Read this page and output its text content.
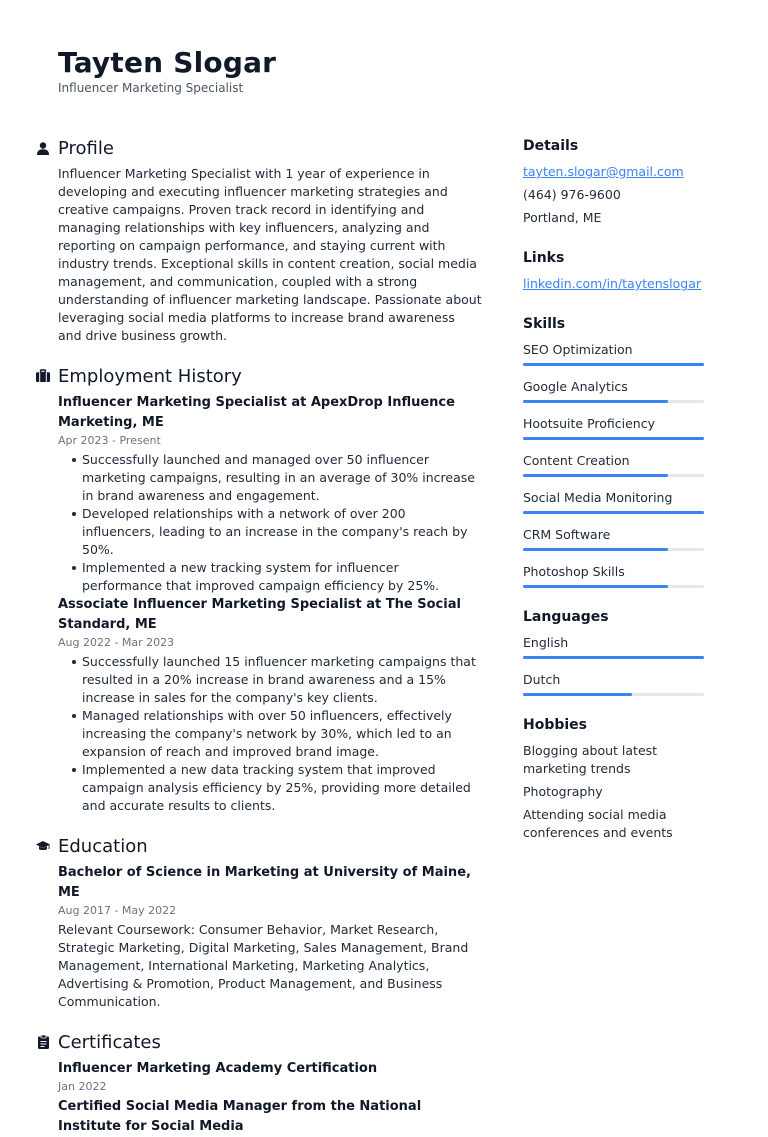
Tayten Slogar
Influencer Marketing Specialist
Profile

Influencer Marketing Specialist with 1 year of experience in developing and executing influencer marketing strategies and creative campaigns. Proven track record in identifying and managing relationships with key influencers, analyzing and reporting on campaign performance, and staying current with industry trends. Exceptional skills in content creation, social media management, and communication, coupled with a strong understanding of influencer marketing landscape. Passionate about leveraging social media platforms to increase brand awareness and drive business growth.

Employment History
Influencer Marketing Specialist at ApexDrop Influence Marketing, ME
Apr 2023 - Present
Successfully launched and managed over 50 influencer marketing campaigns, resulting in an average of 30% increase in brand awareness and engagement.
Developed relationships with a network of over 200 influencers, leading to an increase in the company's reach by 50%.
Implemented a new tracking system for influencer performance that improved campaign efficiency by 25%.
Associate Influencer Marketing Specialist at The Social Standard, ME
Aug 2022 - Mar 2023
Successfully launched 15 influencer marketing campaigns that resulted in a 20% increase in brand awareness and a 15% increase in sales for the company's key clients.
Managed relationships with over 50 influencers, effectively increasing the company's network by 30%, which led to an expansion of reach and improved brand image.
Implemented a new data tracking system that improved campaign analysis efficiency by 25%, providing more detailed and accurate results to clients.
Education
Bachelor of Science in Marketing at University of Maine, ME
Aug 2017 - May 2022

Relevant Coursework: Consumer Behavior, Market Research, Strategic Marketing, Digital Marketing, Sales Management, Brand Management, International Marketing, Marketing Analytics, Advertising & Promotion, Product Management, and Business Communication.

Certificates
Influencer Marketing Academy Certification
Jan 2022
Certified Social Media Manager from the National Institute for Social Media
Details
tayten.slogar@gmail.com
(464) 976-9600
Portland, ME
Links
linkedin.com/in/taytenslogar
Skills
SEO Optimization
Google Analytics
Hootsuite Proficiency
Content Creation
Social Media Monitoring
CRM Software
Photoshop Skills
Languages
English
Dutch
Hobbies
Blogging about latest marketing trends
Photography
Attending social media conferences and events
